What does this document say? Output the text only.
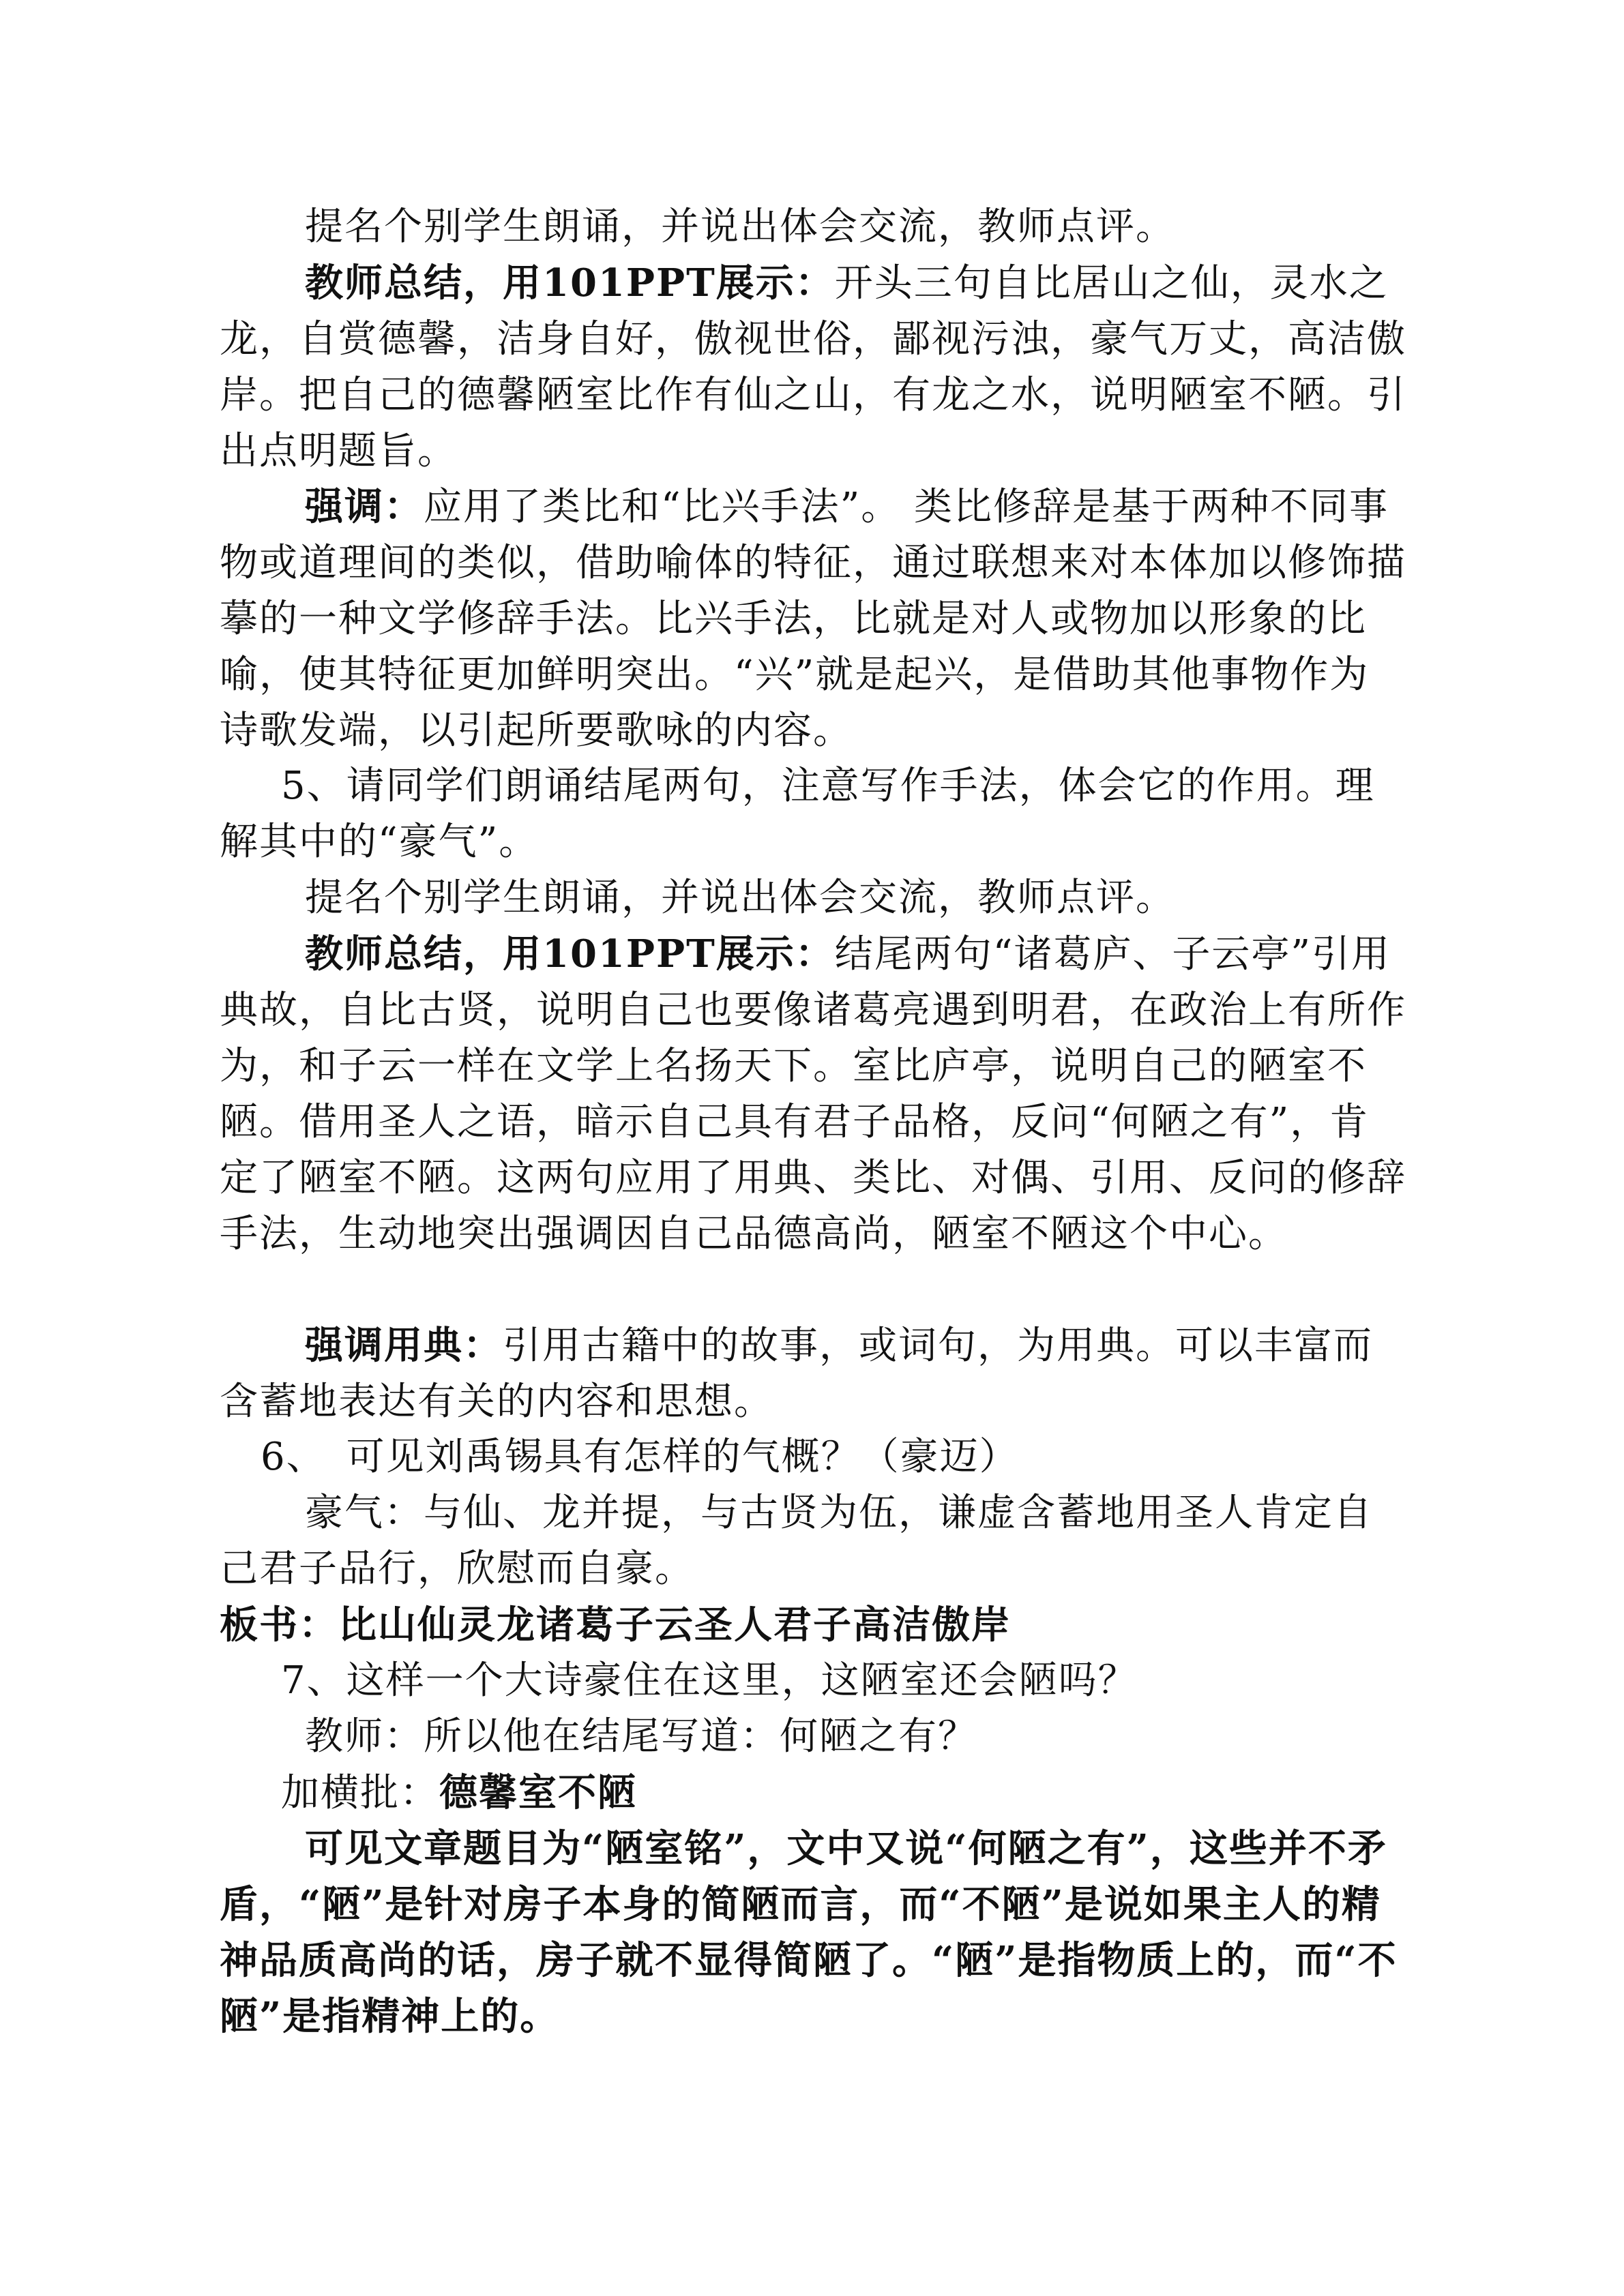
提名个别学生朗诵，并说出体会交流，教师点评。

教师总结，用101PPT展示：开头三句自比居山之仙，灵水之龙，自赏德馨，洁身自好，傲视世俗，鄙视污浊，豪气万丈，高洁傲岸。把自己的德馨陋室比作有仙之山，有龙之水，说明陋室不陋。引出点明题旨。

强调：应用了类比和“比兴手法”。 类比修辞是基于两种不同事物或道理间的类似，借助喻体的特征，通过联想来对本体加以修饰描摹的一种文学修辞手法。比兴手法，比就是对人或物加以形象的比喻，使其特征更加鲜明突出。“兴”就是起兴，是借助其他事物作为诗歌发端，以引起所要歌咏的内容。

5、请同学们朗诵结尾两句，注意写作手法，体会它的作用。理解其中的“豪气”。

提名个别学生朗诵，并说出体会交流，教师点评。

教师总结，用101PPT展示：结尾两句“诸葛庐、子云亭”引用典故，自比古贤，说明自己也要像诸葛亮遇到明君，在政治上有所作为，和子云一样在文学上名扬天下。室比庐亭，说明自己的陋室不陋。借用圣人之语，暗示自己具有君子品格，反问“何陋之有”，肯定了陋室不陋。这两句应用了用典、类比、对偶、引用、反问的修辞手法，生动地突出强调因自己品德高尚，陋室不陋这个中心。

强调用典：引用古籍中的故事，或词句，为用典。可以丰富而含蓄地表达有关的内容和思想。

6、　可见刘禹锡具有怎样的气概？（豪迈）

豪气：与仙、龙并提，与古贤为伍，谦虚含蓄地用圣人肯定自己君子品行，欣慰而自豪。

板书：比山仙灵龙诸葛子云圣人君子高洁傲岸

7、这样一个大诗豪住在这里，这陋室还会陋吗？

教师：所以他在结尾写道：何陋之有？

加横批：德馨室不陋

可见文章题目为“陋室铭”，文中又说“何陋之有”，这些并不矛盾，“陋”是针对房子本身的简陋而言，而“不陋”是说如果主人的精神品质高尚的话，房子就不显得简陋了。“陋”是指物质上的，而“不陋”是指精神上的。
